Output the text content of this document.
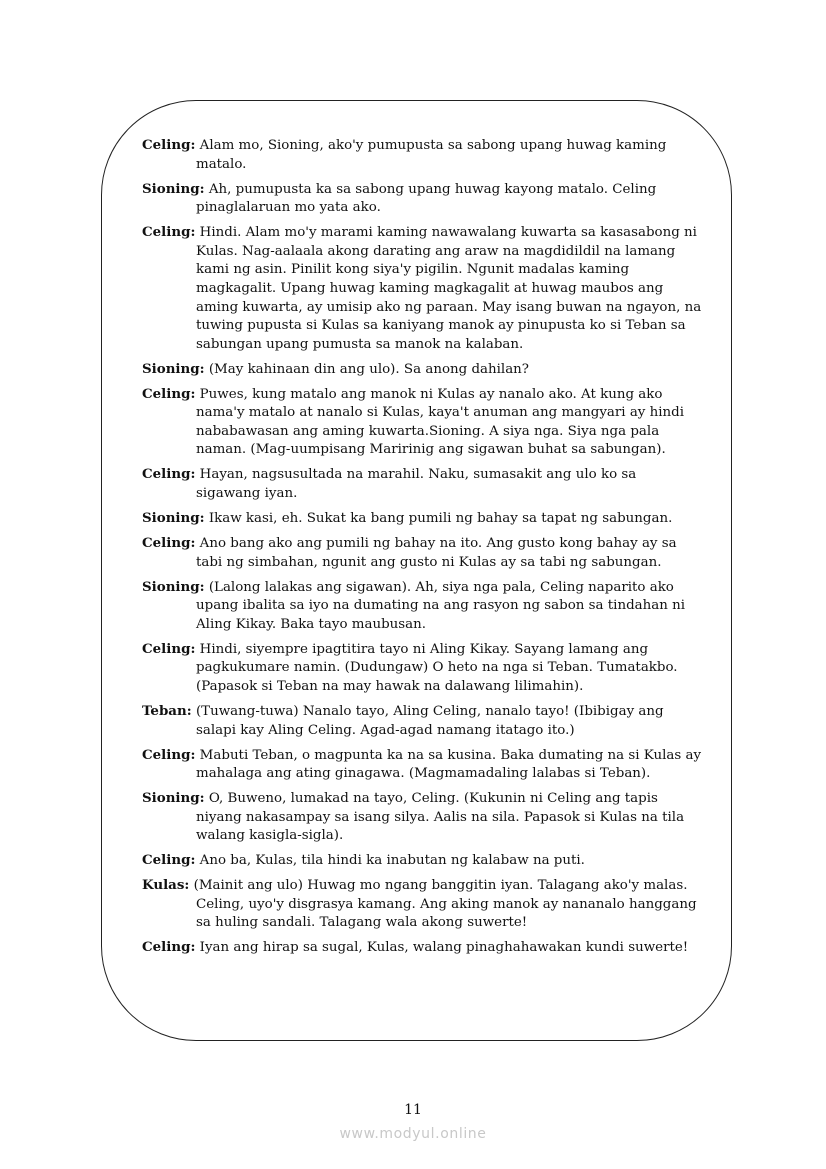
Celing: Alam mo, Sioning, ako'y pumupusta sa sabong upang huwag kaming matalo.

Sioning: Ah, pumupusta ka sa sabong upang huwag kayong matalo. Celing pinaglalaruan mo yata ako.

Celing: Hindi. Alam mo'y marami kaming nawawalang kuwarta sa kasasabong ni Kulas. Nag-aalaala akong darating ang araw na magdidildil na lamang kami ng asin. Pinilit kong siya'y pigilin. Ngunit madalas kaming magkagalit. Upang huwag kaming magkagalit at huwag maubos ang aming kuwarta, ay umisip ako ng paraan. May isang buwan na ngayon, na tuwing pupusta si Kulas sa kaniyang manok ay pinupusta ko si Teban sa sabungan upang pumusta sa manok na kalaban.

Sioning: (May kahinaan din ang ulo). Sa anong dahilan?

Celing: Puwes, kung matalo ang manok ni Kulas ay nanalo ako. At kung ako nama'y matalo at nanalo si Kulas, kaya't anuman ang mangyari ay hindi nababawasan ang aming kuwarta.Sioning. A siya nga. Siya nga pala naman. (Mag-uumpisang Maririnig ang sigawan buhat sa sabungan).

Celing: Hayan, nagsusultada na marahil. Naku, sumasakit ang ulo ko sa sigawang iyan.

Sioning: Ikaw kasi, eh. Sukat ka bang pumili ng bahay sa tapat ng sabungan.

Celing: Ano bang ako ang pumili ng bahay na ito. Ang gusto kong bahay ay sa tabi ng simbahan, ngunit ang gusto ni Kulas ay sa tabi ng sabungan.

Sioning: (Lalong lalakas ang sigawan). Ah, siya nga pala, Celing naparito ako upang ibalita sa iyo na dumating na ang rasyon ng sabon sa tindahan ni Aling Kikay. Baka tayo maubusan.

Celing: Hindi, siyempre ipagtitira tayo ni Aling Kikay. Sayang lamang ang pagkukumare namin. (Dudungaw) O heto na nga si Teban. Tumatakbo. (Papasok si Teban na may hawak na dalawang lilimahin).

Teban: (Tuwang-tuwa) Nanalo tayo, Aling Celing, nanalo tayo! (Ibibigay ang salapi kay Aling Celing. Agad-agad namang itatago ito.)

Celing: Mabuti Teban, o magpunta ka na sa kusina. Baka dumating na si Kulas ay mahalaga ang ating ginagawa. (Magmamadaling lalabas si Teban).

Sioning: O, Buweno, lumakad na tayo, Celing. (Kukunin ni Celing ang tapis niyang nakasampay sa isang silya. Aalis na sila. Papasok si Kulas na tila walang kasigla-sigla).

Celing: Ano ba, Kulas, tila hindi ka inabutan ng kalabaw na puti.

Kulas: (Mainit ang ulo) Huwag mo ngang banggitin iyan. Talagang ako'y malas. Celing, uyo'y disgrasya kamang. Ang aking manok ay nananalo hanggang sa huling sandali. Talagang wala akong suwerte!

Celing: Iyan ang hirap sa sugal, Kulas, walang pinaghahawakan kundi suwerte!

11
www.modyul.online
